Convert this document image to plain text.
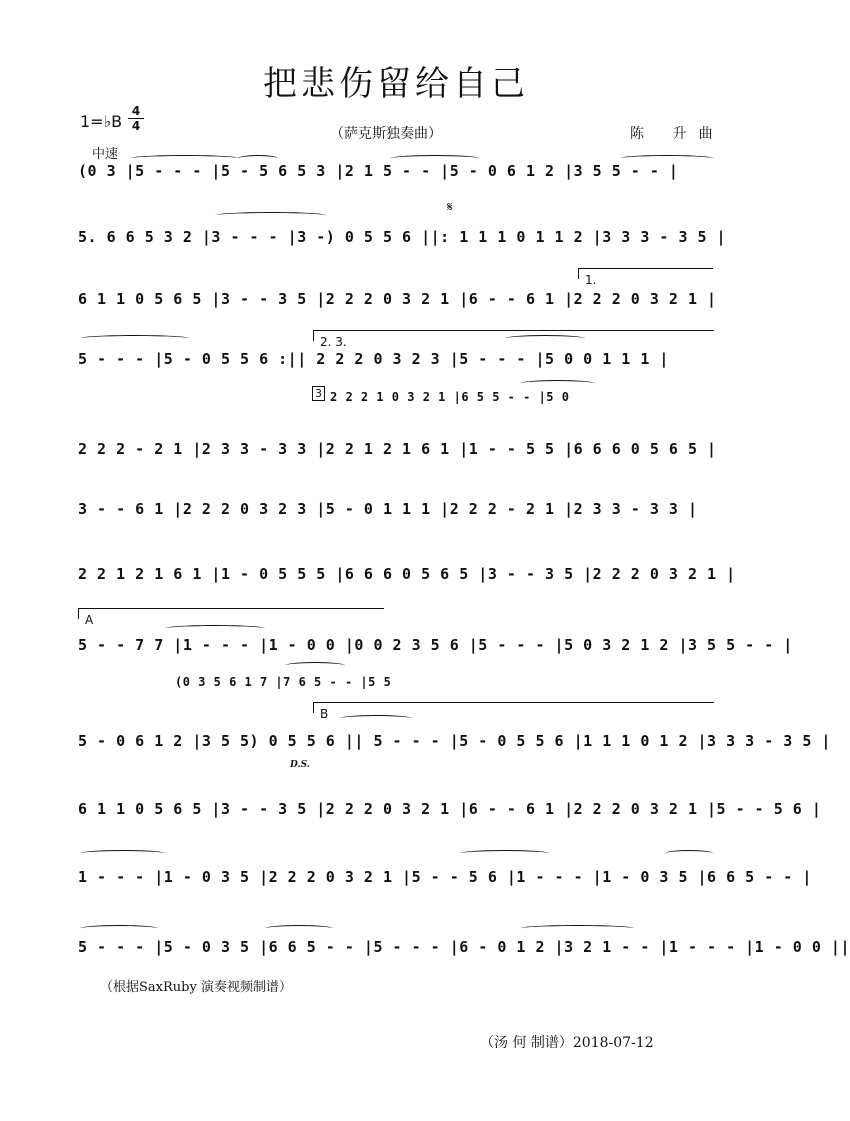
把悲伤留给自己
1=♭B
4
4	（萨克斯独奏曲）	陈 升曲
中速
𝄋
1.
2. 3.
A
B
D.S.
3
(0 3 |5 - - - |5 - 5 6 5 3 |2 1 5 - - |5 - 0 6 1 2 |3 5 5 - - |
5. 6 6 5 3 2 |3 - - - |3 -) 0 5 5 6 ||: 1 1 1 0 1 1 2 |3 3 3 - 3 5 |
6 1 1 0 5 6 5 |3 - - 3 5 |2 2 2 0 3 2 1 |6 - - 6 1 |2 2 2 0 3 2 1 |
5 - - - |5 - 0 5 5 6 :|| 2 2 2 0 3 2 3 |5 - - - |5 0 0 1 1 1 |
2 2 2 1 0 3 2 1 |6 5 5 - - |5 0
2 2 2 - 2 1 |2 3 3 - 3 3 |2 2 1 2 1 6 1 |1 - - 5 5 |6 6 6 0 5 6 5 |
3 - - 6 1 |2 2 2 0 3 2 3 |5 - 0 1 1 1 |2 2 2 - 2 1 |2 3 3 - 3 3 |
2 2 1 2 1 6 1 |1 - 0 5 5 5 |6 6 6 0 5 6 5 |3 - - 3 5 |2 2 2 0 3 2 1 |
5 - - 7 7 |1 - - - |1 - 0 0 |0 0 2 3 5 6 |5 - - - |5 0 3 2 1 2 |3 5 5 - - |
(0 3 5 6 1 7 |7 6 5 - - |5 5
5 - 0 6 1 2 |3 5 5) 0 5 5 6 || 5 - - - |5 - 0 5 5 6 |1 1 1 0 1 2 |3 3 3 - 3 5 |
6 1 1 0 5 6 5 |3 - - 3 5 |2 2 2 0 3 2 1 |6 - - 6 1 |2 2 2 0 3 2 1 |5 - - 5 6 |
1 - - - |1 - 0 3 5 |2 2 2 0 3 2 1 |5 - - 5 6 |1 - - - |1 - 0 3 5 |6 6 5 - - |
5 - - - |5 - 0 3 5 |6 6 5 - - |5 - - - |6 - 0 1 2 |3 2 1 - - |1 - - - |1 - 0 0 ||
（根据SaxRuby 演奏视频制谱）
（汤 何 制谱）2018-07-12
